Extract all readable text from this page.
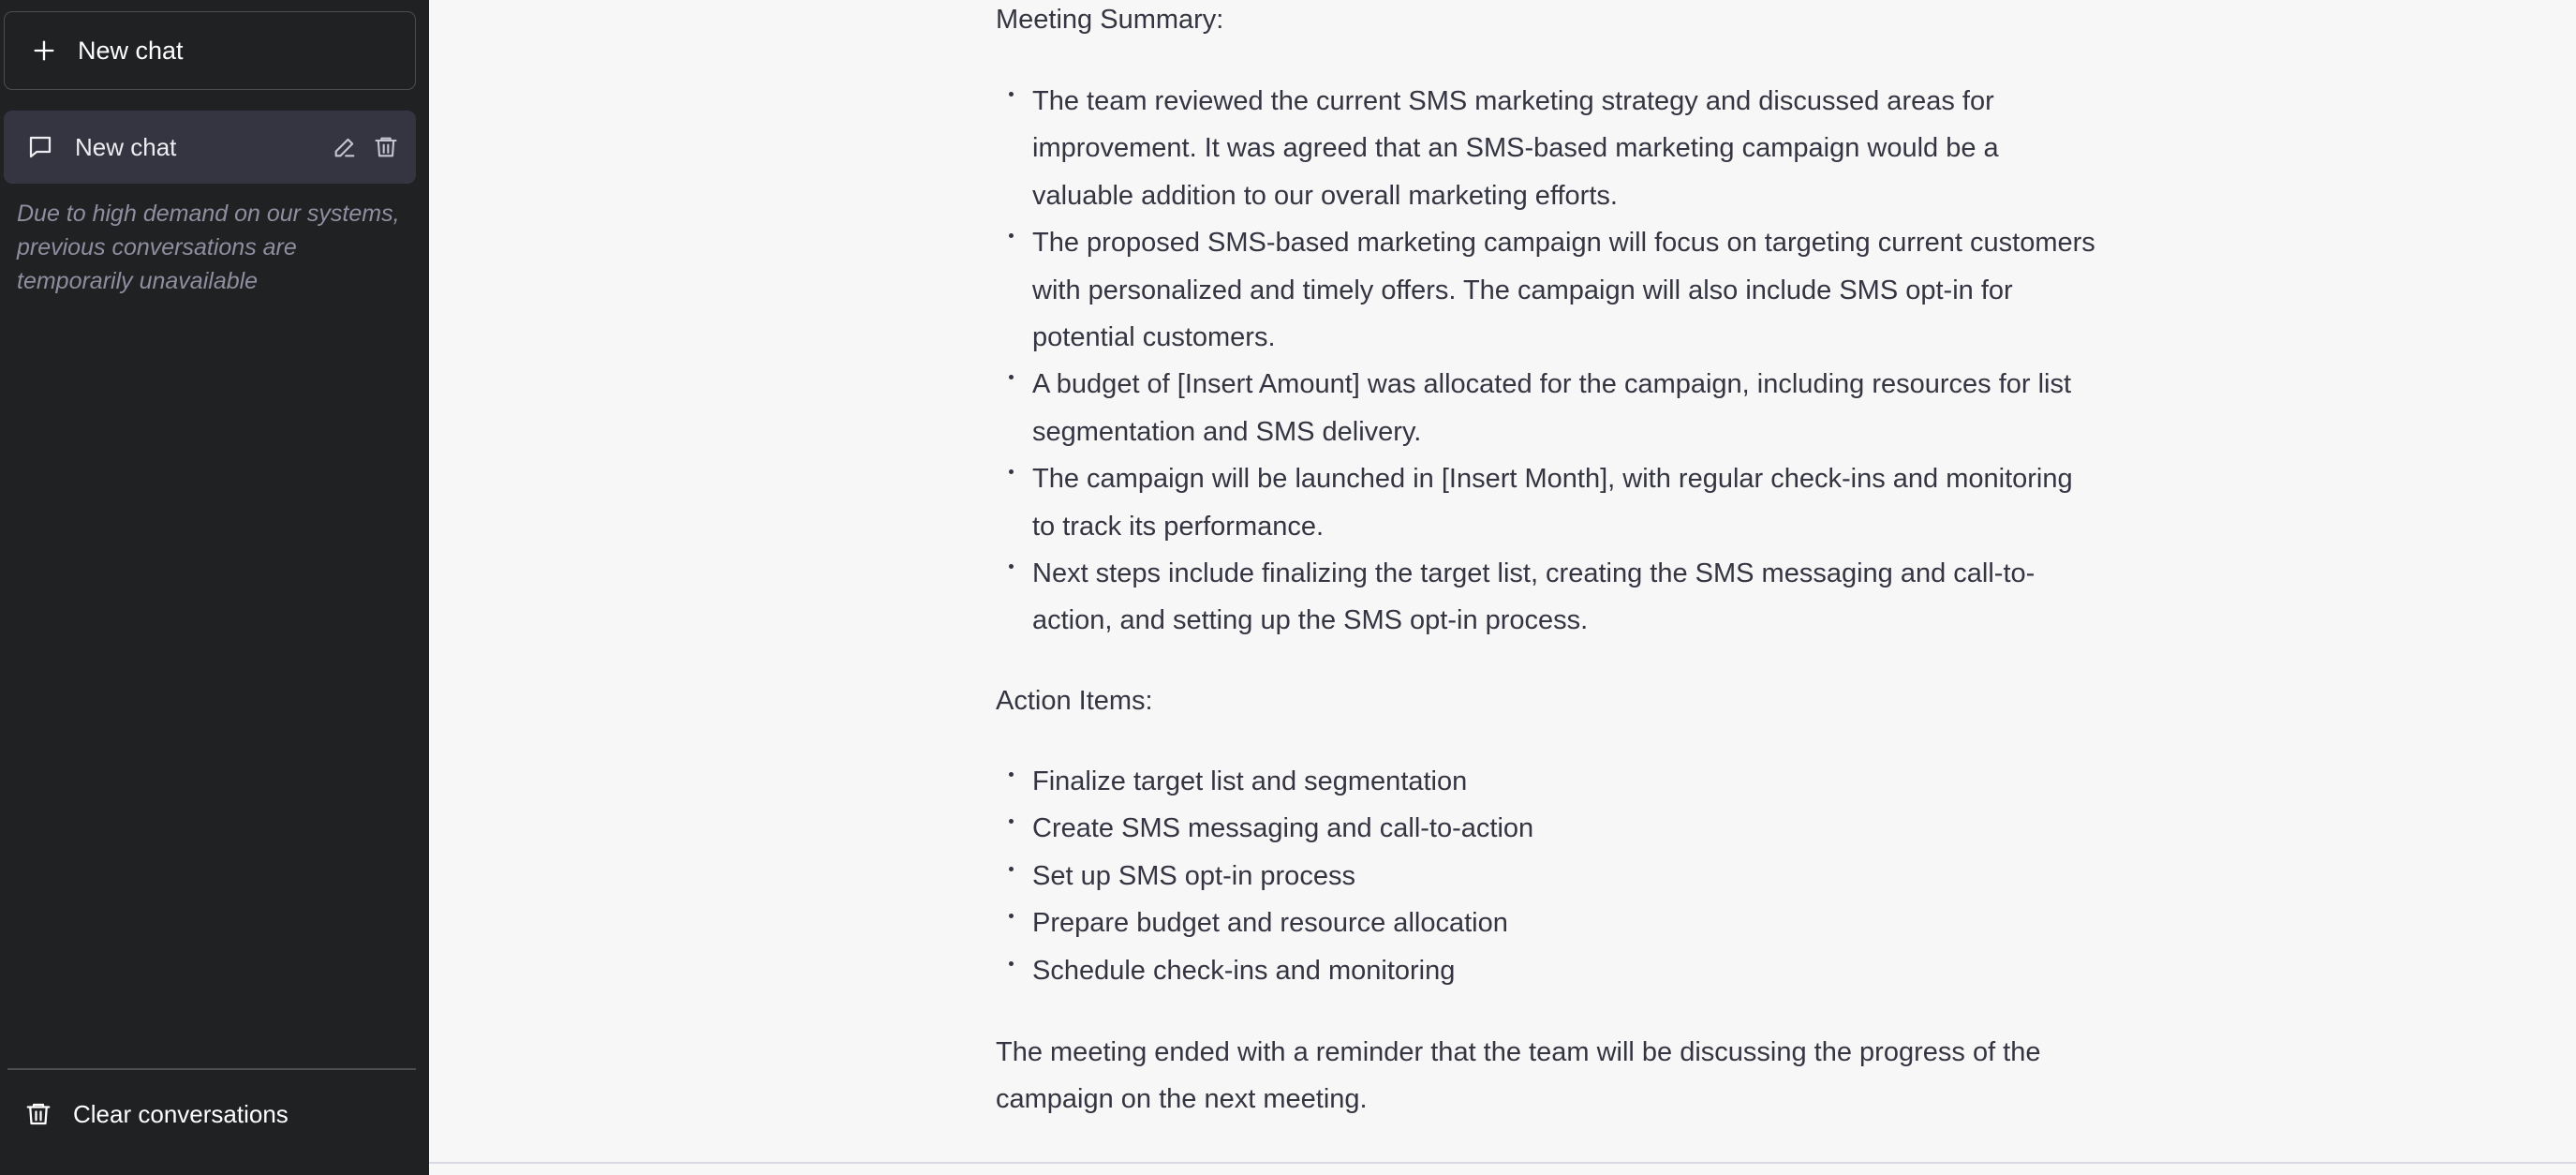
New chat
New chat
Due to high demand on our systems, previous conversations are temporarily unavailable
Clear conversations
Meeting Summary:
The team reviewed the current SMS marketing strategy and discussed areas for improvement. It was agreed that an SMS-based marketing campaign would be a valuable addition to our overall marketing efforts.
The proposed SMS-based marketing campaign will focus on targeting current customers with personalized and timely offers. The campaign will also include SMS opt-in for potential customers.
A budget of [Insert Amount] was allocated for the campaign, including resources for list segmentation and SMS delivery.
The campaign will be launched in [Insert Month], with regular check-ins and monitoring to track its performance.
Next steps include finalizing the target list, creating the SMS messaging and call-to-action, and setting up the SMS opt-in process.
Action Items:
Finalize target list and segmentation
Create SMS messaging and call-to-action
Set up SMS opt-in process
Prepare budget and resource allocation
Schedule check-ins and monitoring
The meeting ended with a reminder that the team will be discussing the progress of the campaign on the next meeting.
